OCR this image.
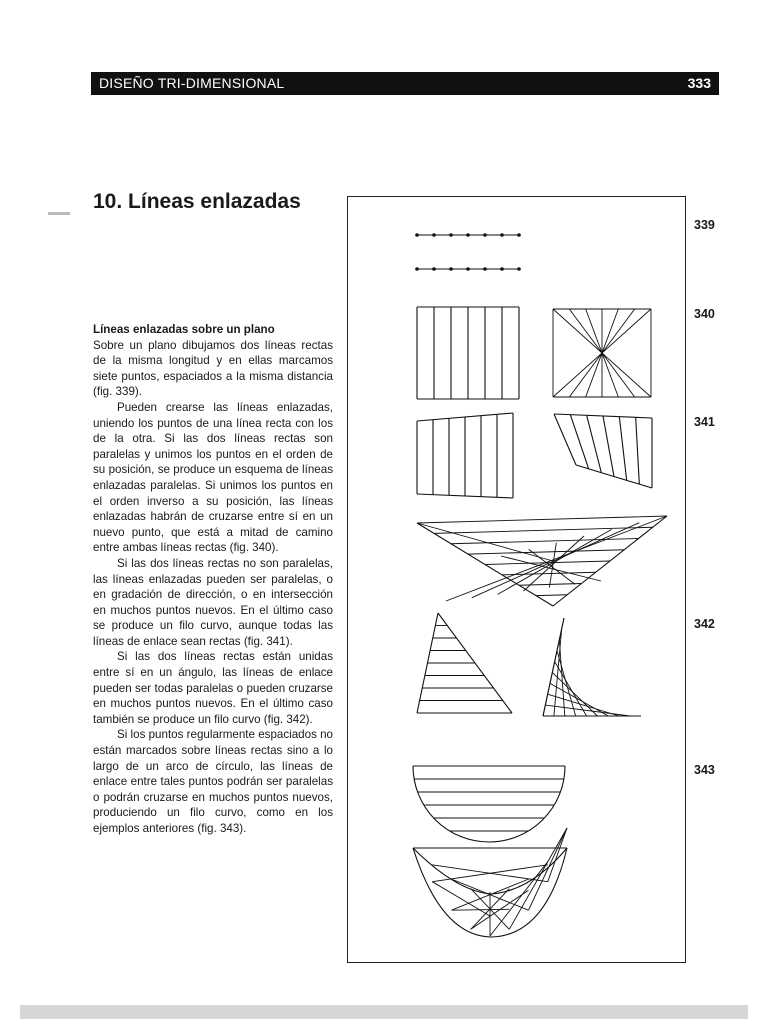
DISEÑO TRI-DIMENSIONAL	333
10. Líneas enlazadas
Líneas enlazadas sobre un plano

Sobre un plano dibujamos dos líneas rectas de la misma longitud y en ellas marcamos siete puntos, espaciados a la misma distancia (fig. 339).

Pueden crearse las líneas enlazadas, uniendo los puntos de una línea recta con los de la otra. Si las dos líneas rectas son paralelas y unimos los puntos en el orden de su posición, se produce un esquema de líneas enlazadas paralelas. Si unimos los puntos en el orden inverso a su posición, las líneas enlazadas habrán de cruzarse entre sí en un nuevo punto, que está a mitad de camino entre ambas líneas rectas (fig. 340).

Si las dos líneas rectas no son paralelas, las líneas enlazadas pueden ser paralelas, o en gradación de dirección, o en intersección en muchos puntos nuevos. En el último caso se produce un filo curvo, aunque todas las líneas de enlace sean rectas (fig. 341).

Si las dos líneas rectas están unidas entre sí en un ángulo, las líneas de enlace pueden ser todas paralelas o pueden cruzarse en muchos puntos nuevos. En el último caso también se produce un filo curvo (fig. 342).

Si los puntos regularmente espaciados no están marcados sobre líneas rectas sino a lo largo de un arco de círculo, las líneas de enlace entre tales puntos podrán ser paralelas o podrán cruzarse en muchos puntos nuevos, produciendo un filo curvo, como en los ejemplos anteriores (fig. 343).

339
340
341
342
343
